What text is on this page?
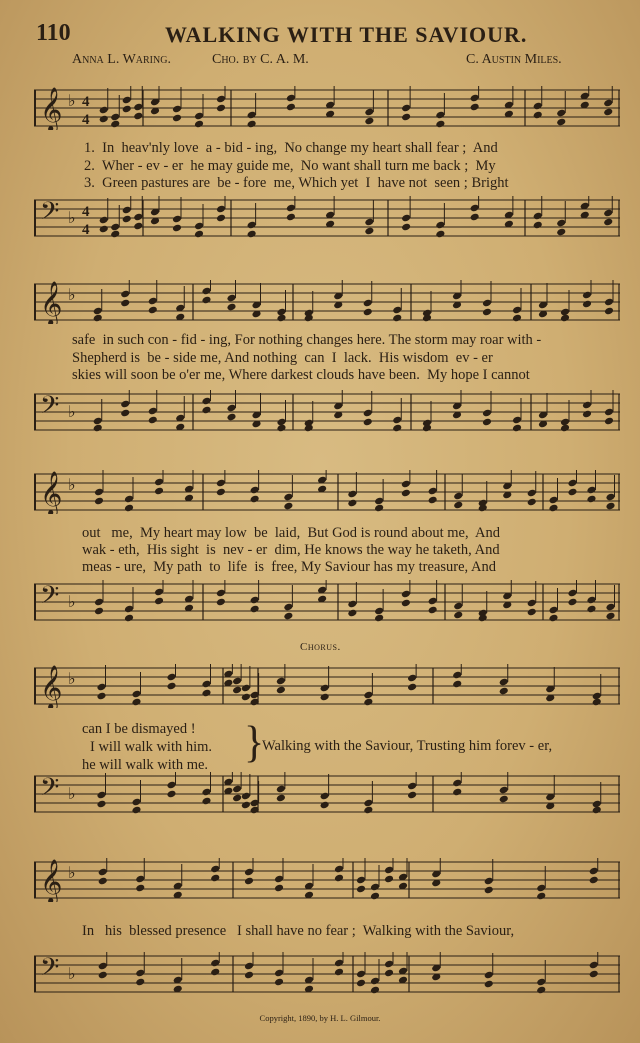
110	WALKING WITH THE SAVIOUR.
Anna L. Waring.	Cho. by C. A. M.	C. Austin Miles.
𝄞 ♭ 4
4
1.  In  heav'nly love  a - bid - ing,  No change my heart shall fear ;  And
2.  Wher - ev - er  he may guide me,  No want shall turn me back ;  My
3.  Green pastures are  be - fore  me, Which yet  I  have not  seen ; Bright
𝄢 ♭ 4
4
𝄞 ♭
safe  in such con - fid - ing, For nothing changes here. The storm may roar with -
Shepherd is  be - side me, And nothing  can  I  lack.  His wisdom  ev - er
skies will soon be o'er me, Where darkest clouds have been.  My hope I cannot
𝄢 ♭
𝄞 ♭
out   me,  My heart may low  be  laid,  But God is round about me,  And
wak - eth,  His sight  is  nev - er  dim, He knows the way he taketh, And
meas - ure,  My path  to  life  is  free, My Saviour has my treasure, And
𝄢 ♭
Chorus.
𝄞 ♭
can I be dismayed !
I will walk with him.
he will walk with me. }
Walking with the Saviour, Trusting him forev - er,
𝄢 ♭
𝄞 ♭
In   his  blessed presence   I shall have no fear ;  Walking with the Saviour,
𝄢 ♭
Copyright, 1890, by H. L. Gilmour.
